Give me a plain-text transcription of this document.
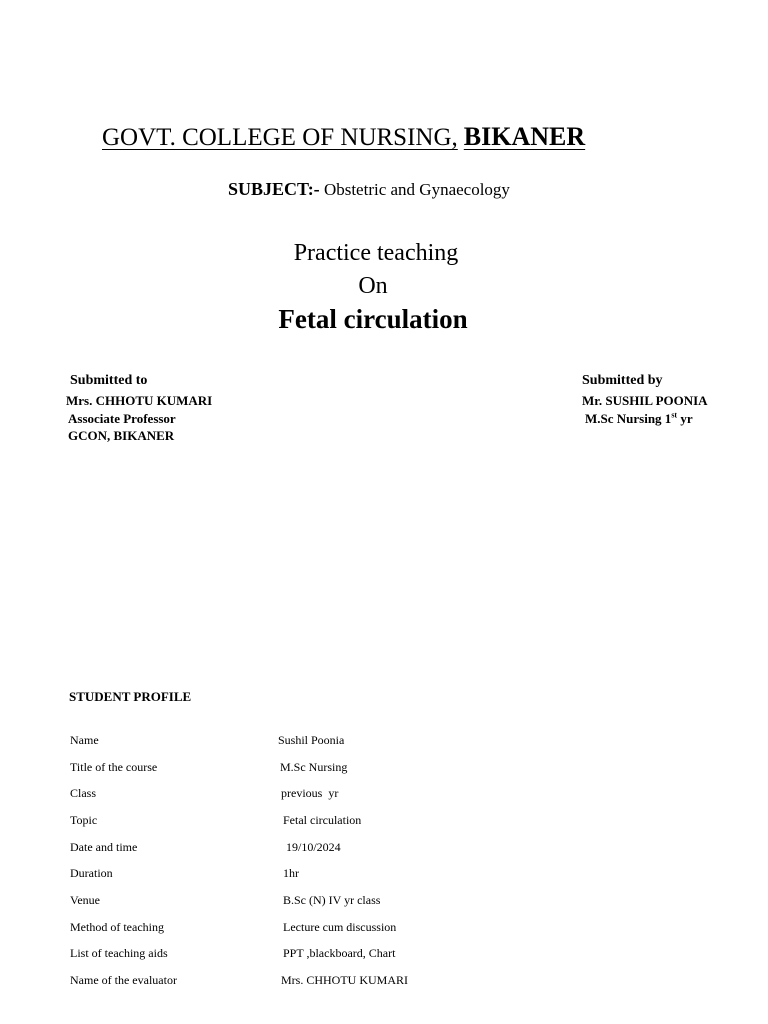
GOVT. COLLEGE OF NURSING, BIKANER
SUBJECT:- Obstetric and Gynaecology
Practice teaching
On
Fetal circulation
Submitted to
Mrs. CHHOTU KUMARI
Associate Professor
GCON, BIKANER
Submitted by
Mr. SUSHIL POONIA
M.Sc Nursing 1st yr
STUDENT PROFILE
Name	Sushil Poonia
Title of the course	M.Sc Nursing
Class	previous  yr
Topic	Fetal circulation
Date and time	19/10/2024
Duration	1hr
Venue	B.Sc (N) IV yr class
Method of teaching	Lecture cum discussion
List of teaching aids	PPT ,blackboard, Chart
Name of the evaluator	Mrs. CHHOTU KUMARI
